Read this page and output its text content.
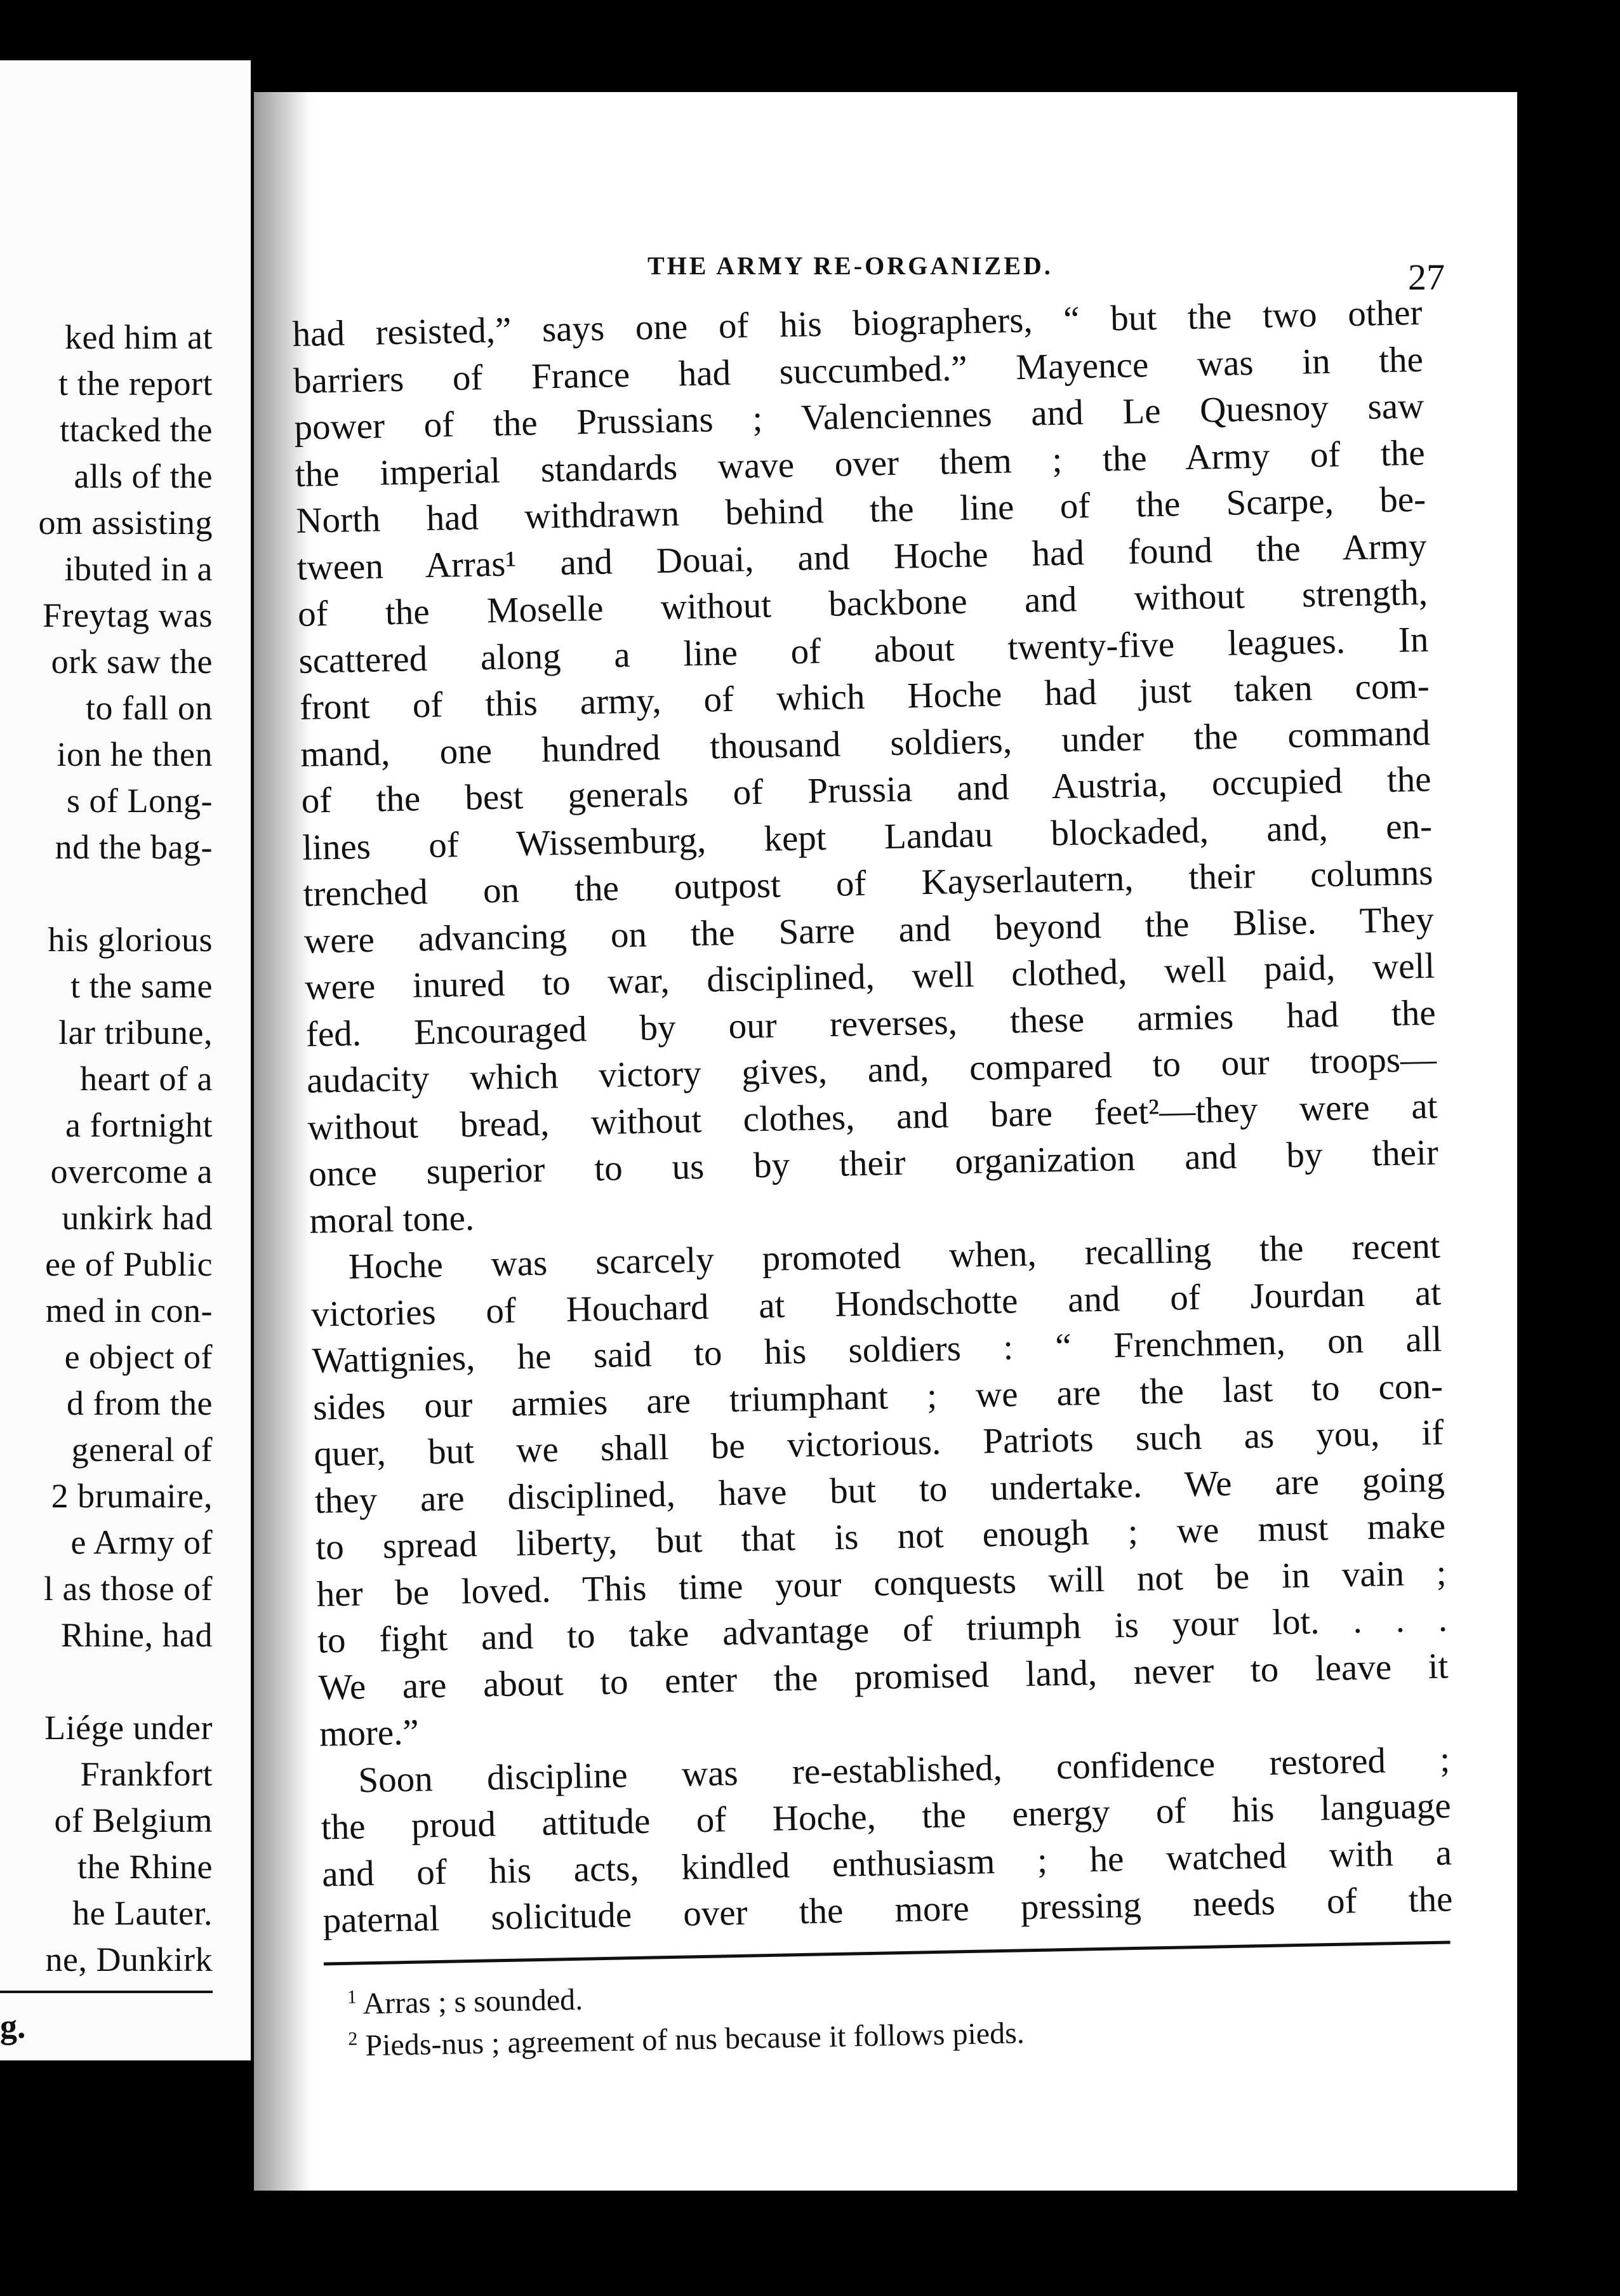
ked him at
t the report
ttacked the
alls of the
om assisting
ibuted in a
Freytag was
ork saw the
to fall on
ion he then
s of Long-
nd the bag-
his glorious
t the same
lar tribune,
heart of a
a fortnight
overcome a
unkirk had
ee of Public
med in con-
e object of
d from the
general of
2 brumaire,
e Army of
l as those of
Rhine, had
Liége under
Frankfort
of Belgium
the Rhine
he Lauter.
ne, Dunkirk
g.
THE ARMY RE-ORGANIZED.	27
had resisted,” says one of his biographers, “ but the two other
barriers of France had succumbed.” Mayence was in the
power of the Prussians ; Valenciennes and Le Quesnoy saw
the imperial standards wave over them ; the Army of the
North had withdrawn behind the line of the Scarpe, be-
tween Arras¹ and Douai, and Hoche had found the Army
of the Moselle without backbone and without strength,
scattered along a line of about twenty-five leagues. In
front of this army, of which Hoche had just taken com-
mand, one hundred thousand soldiers, under the command
of the best generals of Prussia and Austria, occupied the
lines of Wissemburg, kept Landau blockaded, and, en-
trenched on the outpost of Kayserlautern, their columns
were advancing on the Sarre and beyond the Blise. They
were inured to war, disciplined, well clothed, well paid, well
fed. Encouraged by our reverses, these armies had the
audacity which victory gives, and, compared to our troops—
without bread, without clothes, and bare feet²—they were at
once superior to us by their organization and by their
moral tone.
Hoche was scarcely promoted when, recalling the recent
victories of Houchard at Hondschotte and of Jourdan at
Wattignies, he said to his soldiers : “ Frenchmen, on all
sides our armies are triumphant ; we are the last to con-
quer, but we shall be victorious. Patriots such as you, if
they are disciplined, have but to undertake. We are going
to spread liberty, but that is not enough ; we must make
her be loved. This time your conquests will not be in vain ;
to fight and to take advantage of triumph is your lot. . . .
We are about to enter the promised land, never to leave it
more.”
Soon discipline was re-established, confidence restored ;
the proud attitude of Hoche, the energy of his language
and of his acts, kindled enthusiasm ; he watched with a
paternal solicitude over the more pressing needs of the
$^1$ Arras ; s sounded.
$^2$ Pieds-nus ; agreement of nus because it follows pieds.
